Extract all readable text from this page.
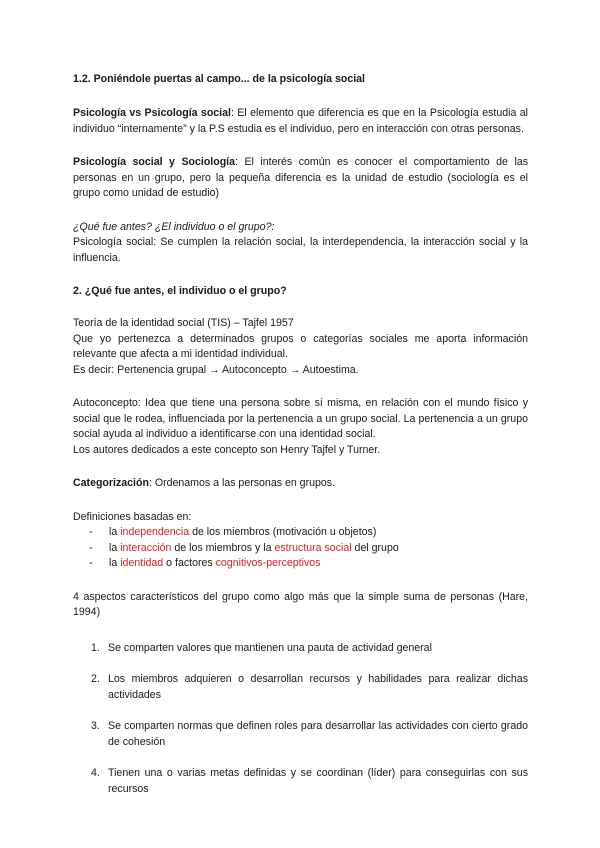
1.2. Poniéndole puertas al campo... de la psicología social

Psicología vs Psicología social: El elemento que diferencia es que en la Psicología estudia al individuo “internamente” y la P.S estudia es el individuo, pero en interacción con otras personas.

Psicología social y Sociología: El interés común es conocer el comportamiento de las personas en un grupo, pero la pequeña diferencia es la unidad de estudio (sociología es el grupo como unidad de estudio)

¿Qué fue antes? ¿El individuo o el grupo?:

Psicología social: Se cumplen la relación social, la interdependencia, la interacción social y la influencia.

2. ¿Qué fue antes, el individuo o el grupo?

Teoría de la identidad social (TIS) – Tajfel 1957

Que yo pertenezca a determinados grupos o categorías sociales me aporta información relevante que afecta a mi identidad individual.

Es decir: Pertenencia grupal → Autoconcepto → Autoestima.

Autoconcepto: Idea que tiene una persona sobre sí misma, en relación con el mundo físico y social que le rodea, influenciada por la pertenencia a un grupo social. La pertenencia a un grupo social ayuda al individuo a identificarse con una identidad social.

Los autores dedicados a este concepto son Henry Tajfel y Turner.

Categorización: Ordenamos a las personas en grupos.

Definiciones basadas en:

- la independencia de los miembros (motivación u objetos)
- la interacción de los miembros y la estructura social del grupo
- la identidad o factores cognitivos-perceptivos

4 aspectos característicos del grupo como algo más que la simple suma de personas (Hare, 1994)

1. Se comparten valores que mantienen una pauta de actividad general
2. Los miembros adquieren o desarrollan recursos y habilidades para realizar dichas actividades
3. Se comparten normas que definen roles para desarrollar las actividades con cierto grado de cohesión
4. Tienen una o varias metas definidas y se coordinan (líder) para conseguirlas con sus recursos
